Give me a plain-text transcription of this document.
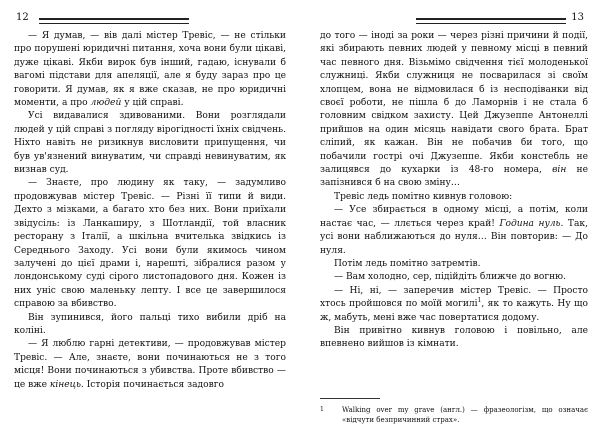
12

— Я думав, — вів далі містер Тревіс, — не стільки про порушені юридичні питання, хоча вони були цікаві, дуже цікаві. Якби вирок був інший, гадаю, існували б вагомі підстави для апеляції, але я буду зараз про це говорити. Я думав, як я вже сказав, не про юридичні моменти, а про людей у цій справі.

Усі видавалися здивованими. Вони розглядали людей у цій справі з погляду вірогідності їхніх свідчень. Ніхто навіть не ризикнув висловити припущення, чи був ув'язнений винуватим, чи справді невинуватим, як визнав суд.

— Знаєте, про людину як таку, — задумливо продовжував містер Тревіс. — Різні її типи й види. Дехто з мізками, а багато хто без них. Вони приїхали звідусіль: із Ланкаширу, з Шотландії, той власник ресторану з Італії, а шкільна вчителька звідкись із Середнього Заходу. Усі вони були якимось чином залучені до цієї драми і, нарешті, зібралися разом у лондонському суді сірого листопадового дня. Кожен із них уніс свою маленьку лепту. І все це завершилося справою за вбивство.

Він зупинився, його пальці тихо вибили дріб на коліні.

— Я люблю гарні детективи, — продовжував містер Тревіс. — Але, знаєте, вони починаються не з того місця! Вони починаються з убивства. Проте вбивство — це вже кінець. Історія починається задовго

13

до того — іноді за роки — через різні причини й події, які збирають певних людей у певному місці в певний час певного дня. Візьмімо свідчення тієї молоденької служниці. Якби служниця не посварилася зі своїм хлопцем, вона не відмовилася б із несподіванки від своєї роботи, не пішла б до Ламорнів і не стала б головним свідком захисту. Цей Джузеппе Антонеллі прийшов на один місяць навідати свого брата. Брат сліпий, як кажан. Він не побачив би того, що побачили гострі очі Джузеппе. Якби констебль не залицявся до кухарки із 48-го номера, він не запізнився б на свою зміну…

Тревіс ледь помітно кивнув головою:

— Усе збирається в одному місці, а потім, коли настає час, — ллється через край! Година нуль. Так, усі вони наближаються до нуля… Він повторив: — До нуля.

Потім ледь помітно затремтів.

— Вам холодно, сер, підійдіть ближче до вогню.

— Ні, ні, — заперечив містер Тревіс. — Просто хтось пройшовся по моїй могилі$^1$, як то кажуть. Ну що ж, мабуть, мені вже час повертатися додому.

Він привітно кивнув головою і повільно, але впевнено вийшов із кімнати.

1	Walking over my grave (англ.) — фразеологізм, що означає «відчути безпричинний страх».
